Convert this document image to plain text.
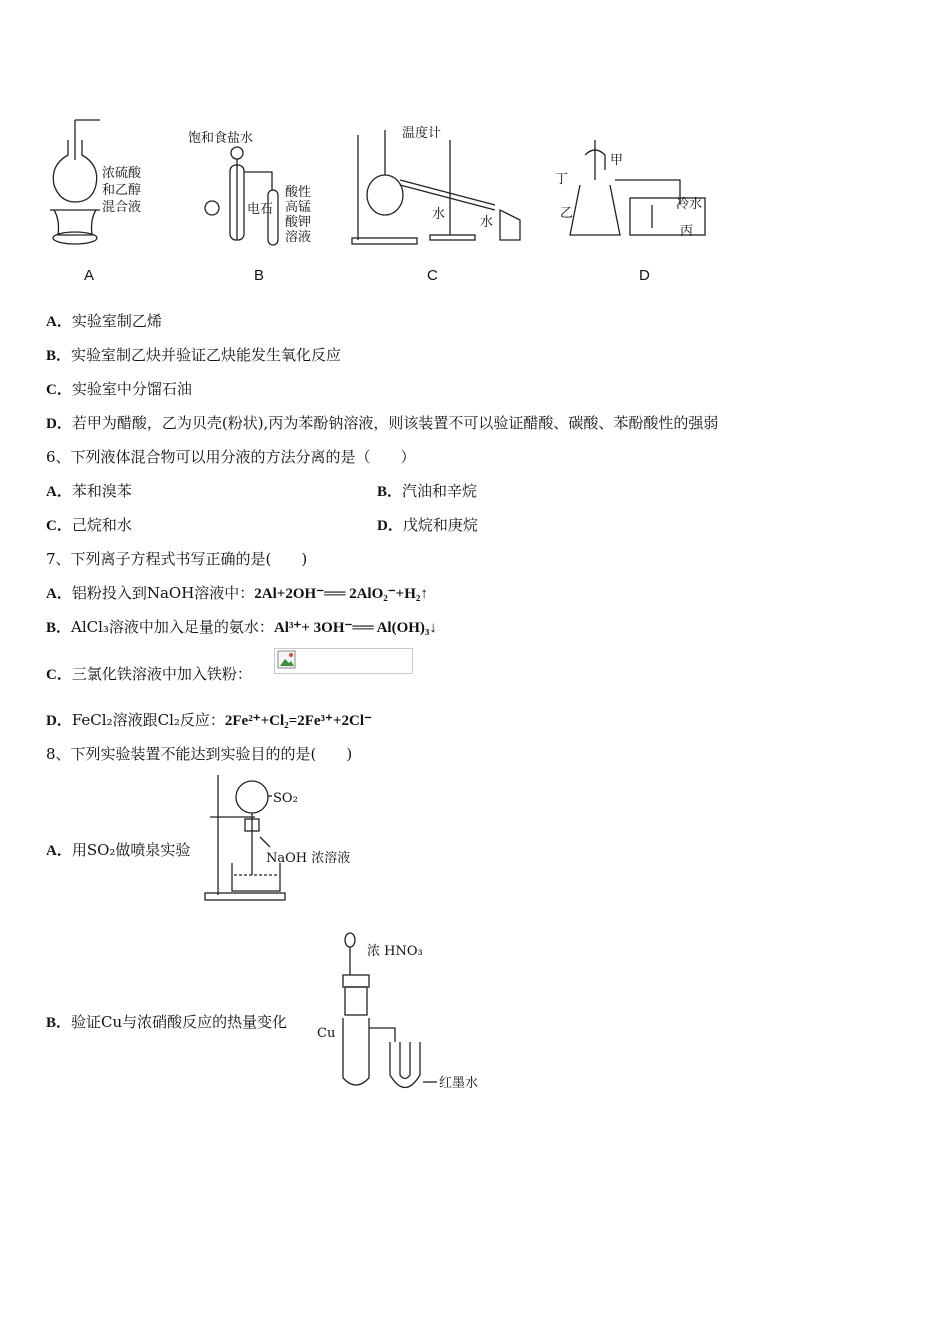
浓硫酸
和乙醇
混合液
饱和食盐水
电石
酸性
高锰
酸钾
溶液
温度计
水
水
甲
丁
乙
冷水
丙
A	B	C	D
A．实验室制乙烯
B．实验室制乙炔并验证乙炔能发生氧化反应
C．实验室中分馏石油
D．若甲为醋酸，乙为贝壳(粉状),丙为苯酚钠溶液，则该装置不可以验证醋酸、碳酸、苯酚酸性的强弱
6、下列液体混合物可以用分液的方法分离的是（　　）
A．苯和溴苯	B．汽油和辛烷
C．己烷和水	D．戊烷和庚烷
7、下列离子方程式书写正确的是(　　)
A．铝粉投入到NaOH溶液中：2Al+2OH⁻══ 2AlO₂⁻+H₂↑
B．AlCl₃溶液中加入足量的氨水：Al³⁺+ 3OH⁻══ Al(OH)₃↓
C．三氯化铁溶液中加入铁粉：
D．FeCl₂溶液跟Cl₂反应：2Fe²⁺+Cl₂=2Fe³⁺+2Cl⁻
8、下列实验装置不能达到实验目的的是(　　)
SO₂
NaOH 浓溶液
A．用SO₂做喷泉实验
浓 HNO₃
Cu
红墨水
B．验证Cu与浓硝酸反应的热量变化
